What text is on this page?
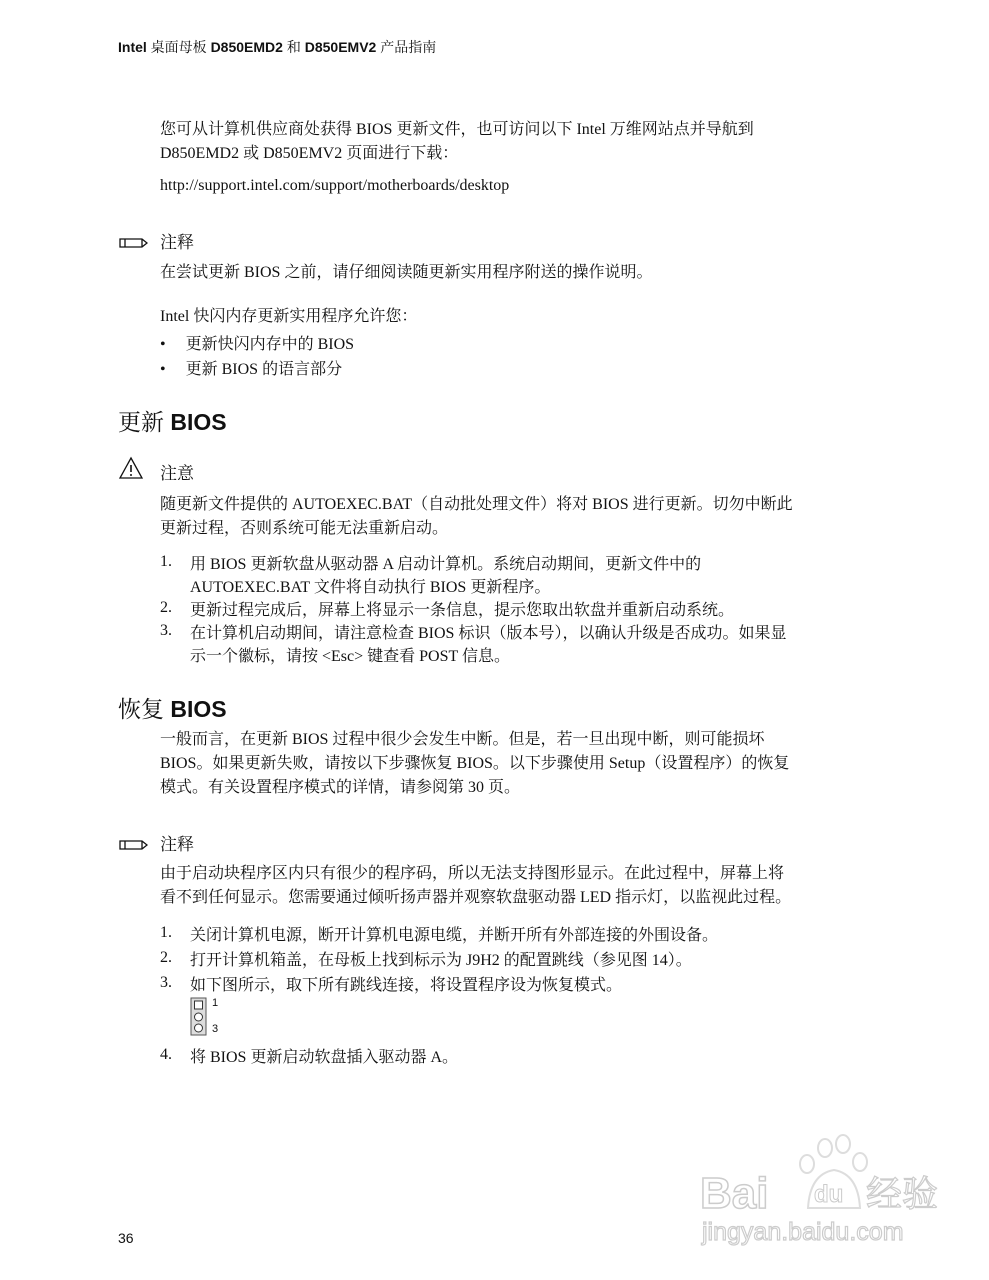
Intel 桌面母板 D850EMD2 和 D850EMV2 产品指南
您可从计算机供应商处获得 BIOS 更新文件，也可访问以下 Intel 万维网站点并导航到
D850EMD2 或 D850EMV2 页面进行下载：
http://support.intel.com/support/motherboards/desktop
注释
在尝试更新 BIOS 之前，请仔细阅读随更新实用程序附送的操作说明。
Intel 快闪内存更新实用程序允许您：
•     更新快闪内存中的 BIOS
•     更新 BIOS 的语言部分
更新 BIOS
注意
随更新文件提供的 AUTOEXEC.BAT（自动批处理文件）将对 BIOS 进行更新。切勿中断此
更新过程，否则系统可能无法重新启动。
1. 用 BIOS 更新软盘从驱动器 A 启动计算机。系统启动期间，更新文件中的
AUTOEXEC.BAT 文件将自动执行 BIOS 更新程序。
2. 更新过程完成后，屏幕上将显示一条信息，提示您取出软盘并重新启动系统。
3. 在计算机启动期间，请注意检查 BIOS 标识（版本号），以确认升级是否成功。如果显
示一个徽标，请按 <Esc> 键查看 POST 信息。
恢复 BIOS
一般而言，在更新 BIOS 过程中很少会发生中断。但是，若一旦出现中断，则可能损坏
BIOS。如果更新失败，请按以下步骤恢复 BIOS。以下步骤使用 Setup（设置程序）的恢复
模式。有关设置程序模式的详情，请参阅第 30 页。
注释
由于启动块程序区内只有很少的程序码，所以无法支持图形显示。在此过程中，屏幕上将
看不到任何显示。您需要通过倾听扬声器并观察软盘驱动器 LED 指示灯，以监视此过程。
1. 关闭计算机电源，断开计算机电源电缆，并断开所有外部连接的外围设备。
2. 打开计算机箱盖，在母板上找到标示为 J9H2 的配置跳线（参见图 14）。
3. 如下图所示，取下所有跳线连接，将设置程序设为恢复模式。
1
3
4. 将 BIOS 更新启动软盘插入驱动器 A。
36
Bai du 经验
jingyan.baidu.com
